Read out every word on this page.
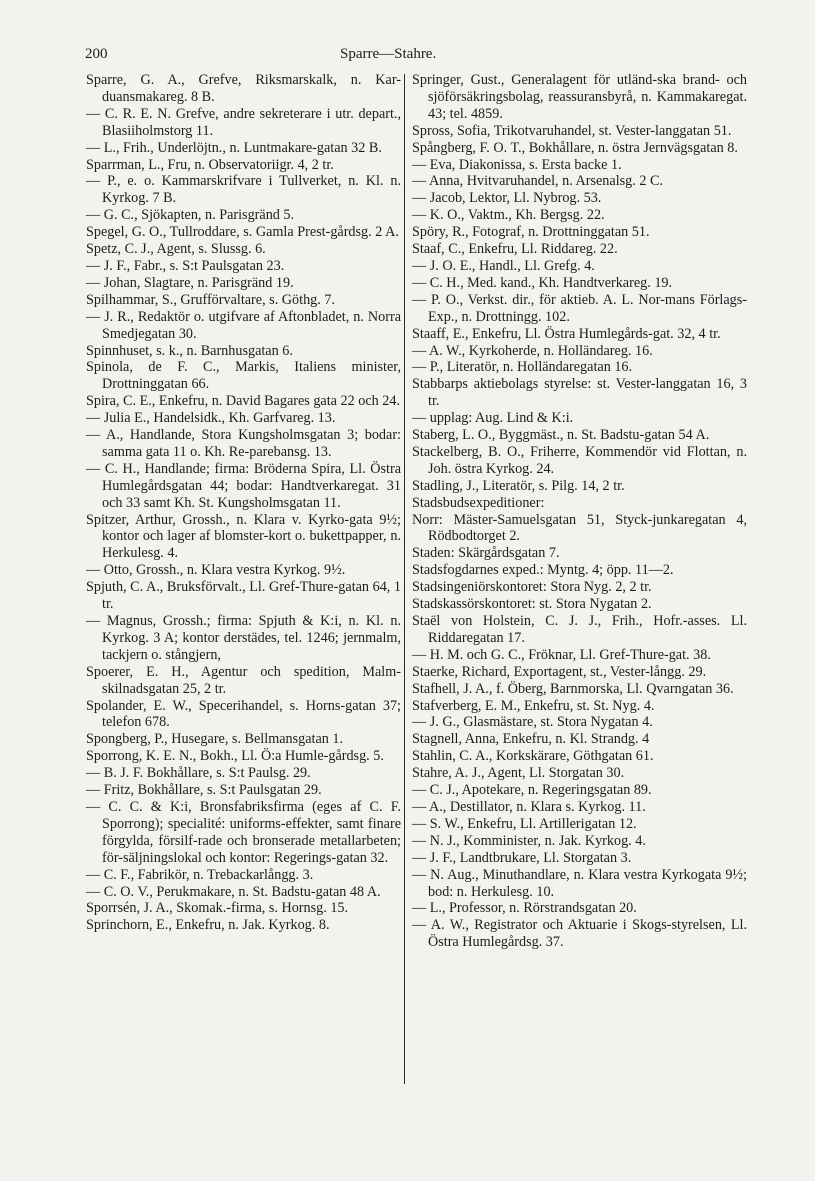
200	Sparre—Stahre.

Sparre, G. A., Grefve, Riksmarskalk, n. Kar-duansmakareg. 8 B.

— C. R. E. N. Grefve, andre sekreterare i utr. depart., Blasiiholmstorg 11.

— L., Frih., Underlöjtn., n. Luntmakare-gatan 32 B.

Sparrman, L., Fru, n. Observatoriigr. 4, 2 tr.

— P., e. o. Kammarskrifvare i Tullverket, n. Kl. n. Kyrkog. 7 B.

— G. C., Sjökapten, n. Parisgränd 5.

Spegel, G. O., Tullroddare, s. Gamla Prest-gårdsg. 2 A.

Spetz, C. J., Agent, s. Slussg. 6.

— J. F., Fabr., s. S:t Paulsgatan 23.

— Johan, Slagtare, n. Parisgränd 19.

Spilhammar, S., Grufförvaltare, s. Göthg. 7.

— J. R., Redaktör o. utgifvare af Aftonbladet, n. Norra Smedjegatan 30.

Spinnhuset, s. k., n. Barnhusgatan 6.

Spinola, de F. C., Markis, Italiens minister, Drottninggatan 66.

Spira, C. E., Enkefru, n. David Bagares gata 22 och 24.

— Julia E., Handelsidk., Kh. Garfvareg. 13.

— A., Handlande, Stora Kungsholmsgatan 3; bodar: samma gata 11 o. Kh. Re-parebansg. 13.

— C. H., Handlande; firma: Bröderna Spira, Ll. Östra Humlegårdsgatan 44; bodar: Handtverkaregat. 31 och 33 samt Kh. St. Kungsholmsgatan 11.

Spitzer, Arthur, Grossh., n. Klara v. Kyrko-gata 9½; kontor och lager af blomster-kort o. bukettpapper, n. Herkulesg. 4.

— Otto, Grossh., n. Klara vestra Kyrkog. 9½.

Spjuth, C. A., Bruksförvalt., Ll. Gref-Thure-gatan 64, 1 tr.

— Magnus, Grossh.; firma: Spjuth & K:i, n. Kl. n. Kyrkog. 3 A; kontor derstädes, tel. 1246; jernmalm, tackjern o. stångjern,

Spoerer, E. H., Agentur och spedition, Malm-skilnadsgatan 25, 2 tr.

Spolander, E. W., Specerihandel, s. Horns-gatan 37; telefon 678.

Spongberg, P., Husegare, s. Bellmansgatan 1.

Sporrong, K. E. N., Bokh., Ll. Ö:a Humle-gårdsg. 5.

— B. J. F. Bokhållare, s. S:t Paulsg. 29.

— Fritz, Bokhållare, s. S:t Paulsgatan 29.

— C. C. & K:i, Bronsfabriksfirma (eges af C. F. Sporrong); specialité: uniforms-effekter, samt finare förgylda, försilf-rade och bronserade metallarbeten; för-säljningslokal och kontor: Regerings-gatan 32.

— C. F., Fabrikör, n. Trebackarlångg. 3.

— C. O. V., Perukmakare, n. St. Badstu-gatan 48 A.

Sporrsén, J. A., Skomak.-firma, s. Hornsg. 15.

Sprinchorn, E., Enkefru, n. Jak. Kyrkog. 8.

Springer, Gust., Generalagent för utländ-ska brand- och sjöförsäkringsbolag, reassuransbyrå, n. Kammakaregat. 43; tel. 4859.

Spross, Sofia, Trikotvaruhandel, st. Vester-langgatan 51.

Spångberg, F. O. T., Bokhållare, n. östra Jernvägsgatan 8.

— Eva, Diakonissa, s. Ersta backe 1.

— Anna, Hvitvaruhandel, n. Arsenalsg. 2 C.

— Jacob, Lektor, Ll. Nybrog. 53.

— K. O., Vaktm., Kh. Bergsg. 22.

Spöry, R., Fotograf, n. Drottninggatan 51.

Staaf, C., Enkefru, Ll. Riddareg. 22.

— J. O. E., Handl., Ll. Grefg. 4.

— C. H., Med. kand., Kh. Handtverkareg. 19.

— P. O., Verkst. dir., för aktieb. A. L. Nor-mans Förlags-Exp., n. Drottningg. 102.

Staaff, E., Enkefru, Ll. Östra Humlegårds-gat. 32, 4 tr.

— A. W., Kyrkoherde, n. Holländareg. 16.

— P., Literatör, n. Holländaregatan 16.

Stabbarps aktiebolags styrelse: st. Vester-langgatan 16, 3 tr.

— upplag: Aug. Lind & K:i.

Staberg, L. O., Byggmäst., n. St. Badstu-gatan 54 A.

Stackelberg, B. O., Friherre, Kommendör vid Flottan, n. Joh. östra Kyrkog. 24.

Stadling, J., Literatör, s. Pilg. 14, 2 tr.

Stadsbudsexpeditioner:

Norr: Mäster-Samuelsgatan 51, Styck-junkaregatan 4, Rödbodtorget 2.

Staden: Skärgårdsgatan 7.

Stadsfogdarnes exped.: Myntg. 4; öpp. 11—2.

Stadsingeniörskontoret: Stora Nyg. 2, 2 tr.

Stadskassörskontoret: st. Stora Nygatan 2.

Staël von Holstein, C. J. J., Frih., Hofr.-asses. Ll. Riddaregatan 17.

— H. M. och G. C., Fröknar, Ll. Gref-Thure-gat. 38.

Staerke, Richard, Exportagent, st., Vester-långg. 29.

Stafhell, J. A., f. Öberg, Barnmorska, Ll. Qvarngatan 36.

Stafverberg, E. M., Enkefru, st. St. Nyg. 4.

— J. G., Glasmästare, st. Stora Nygatan 4.

Stagnell, Anna, Enkefru, n. Kl. Strandg. 4

Stahlin, C. A., Korkskärare, Göthgatan 61.

Stahre, A. J., Agent, Ll. Storgatan 30.

— C. J., Apotekare, n. Regeringsgatan 89.

— A., Destillator, n. Klara s. Kyrkog. 11.

— S. W., Enkefru, Ll. Artillerigatan 12.

— N. J., Komminister, n. Jak. Kyrkog. 4.

— J. F., Landtbrukare, Ll. Storgatan 3.

— N. Aug., Minuthandlare, n. Klara vestra Kyrkogata 9½; bod: n. Herkulesg. 10.

— L., Professor, n. Rörstrandsgatan 20.

— A. W., Registrator och Aktuarie i Skogs-styrelsen, Ll. Östra Humlegårdsg. 37.
